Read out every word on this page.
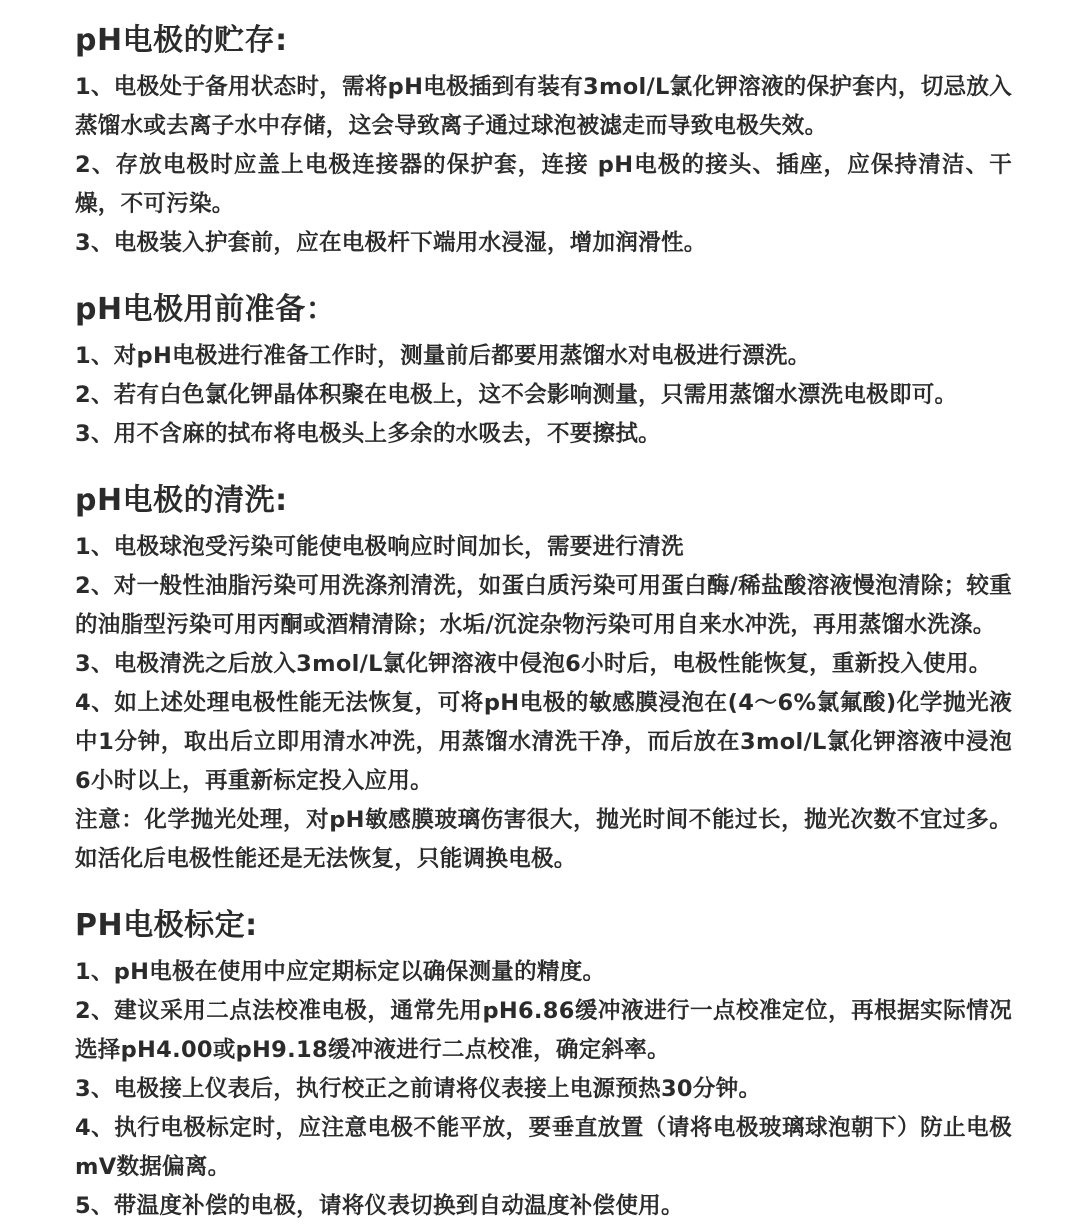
pH电极的贮存:

1、电极处于备用状态时，需将pH电极插到有装有3mol/L氯化钾溶液的保护套内，切忌放入蒸馏水或去离子水中存储，这会导致离子通过球泡被滤走而导致电极失效。

2、存放电极时应盖上电极连接器的保护套，连接 pH电极的接头、插座，应保持清洁、干燥，不可污染。

3、电极装入护套前，应在电极杆下端用水浸湿，增加润滑性。

pH电极用前准备：

1、对pH电极进行准备工作时，测量前后都要用蒸馏水对电极进行漂洗。

2、若有白色氯化钾晶体积聚在电极上，这不会影响测量，只需用蒸馏水漂洗电极即可。

3、用不含麻的拭布将电极头上多余的水吸去，不要擦拭。

pH电极的清洗:

1、电极球泡受污染可能使电极响应时间加长，需要进行清洗

2、对一般性油脂污染可用洗涤剂清洗，如蛋白质污染可用蛋白酶/稀盐酸溶液慢泡清除；较重的油脂型污染可用丙酮或酒精清除；水垢/沉淀杂物污染可用自来水冲洗，再用蒸馏水洗涤。

3、电极清洗之后放入3mol/L氯化钾溶液中侵泡6小时后，电极性能恢复，重新投入使用。

4、如上述处理电极性能无法恢复，可将pH电极的敏感膜浸泡在(4～6%氯氟酸)化学抛光液中1分钟，取出后立即用清水冲洗，用蒸馏水清洗干净，而后放在3mol/L氯化钾溶液中浸泡6小时以上，再重新标定投入应用。

注意：化学抛光处理，对pH敏感膜玻璃伤害很大，抛光时间不能过长，抛光次数不宜过多。如活化后电极性能还是无法恢复，只能调换电极。

PH电极标定:

1、pH电极在使用中应定期标定以确保测量的精度。

2、建议采用二点法校准电极，通常先用pH6.86缓冲液进行一点校准定位，再根据实际情况选择pH4.00或pH9.18缓冲液进行二点校准，确定斜率。

3、电极接上仪表后，执行校正之前请将仪表接上电源预热30分钟。

4、执行电极标定时，应注意电极不能平放，要垂直放置（请将电极玻璃球泡朝下）防止电极mV数据偏离。

5、带温度补偿的电极，请将仪表切换到自动温度补偿使用。
